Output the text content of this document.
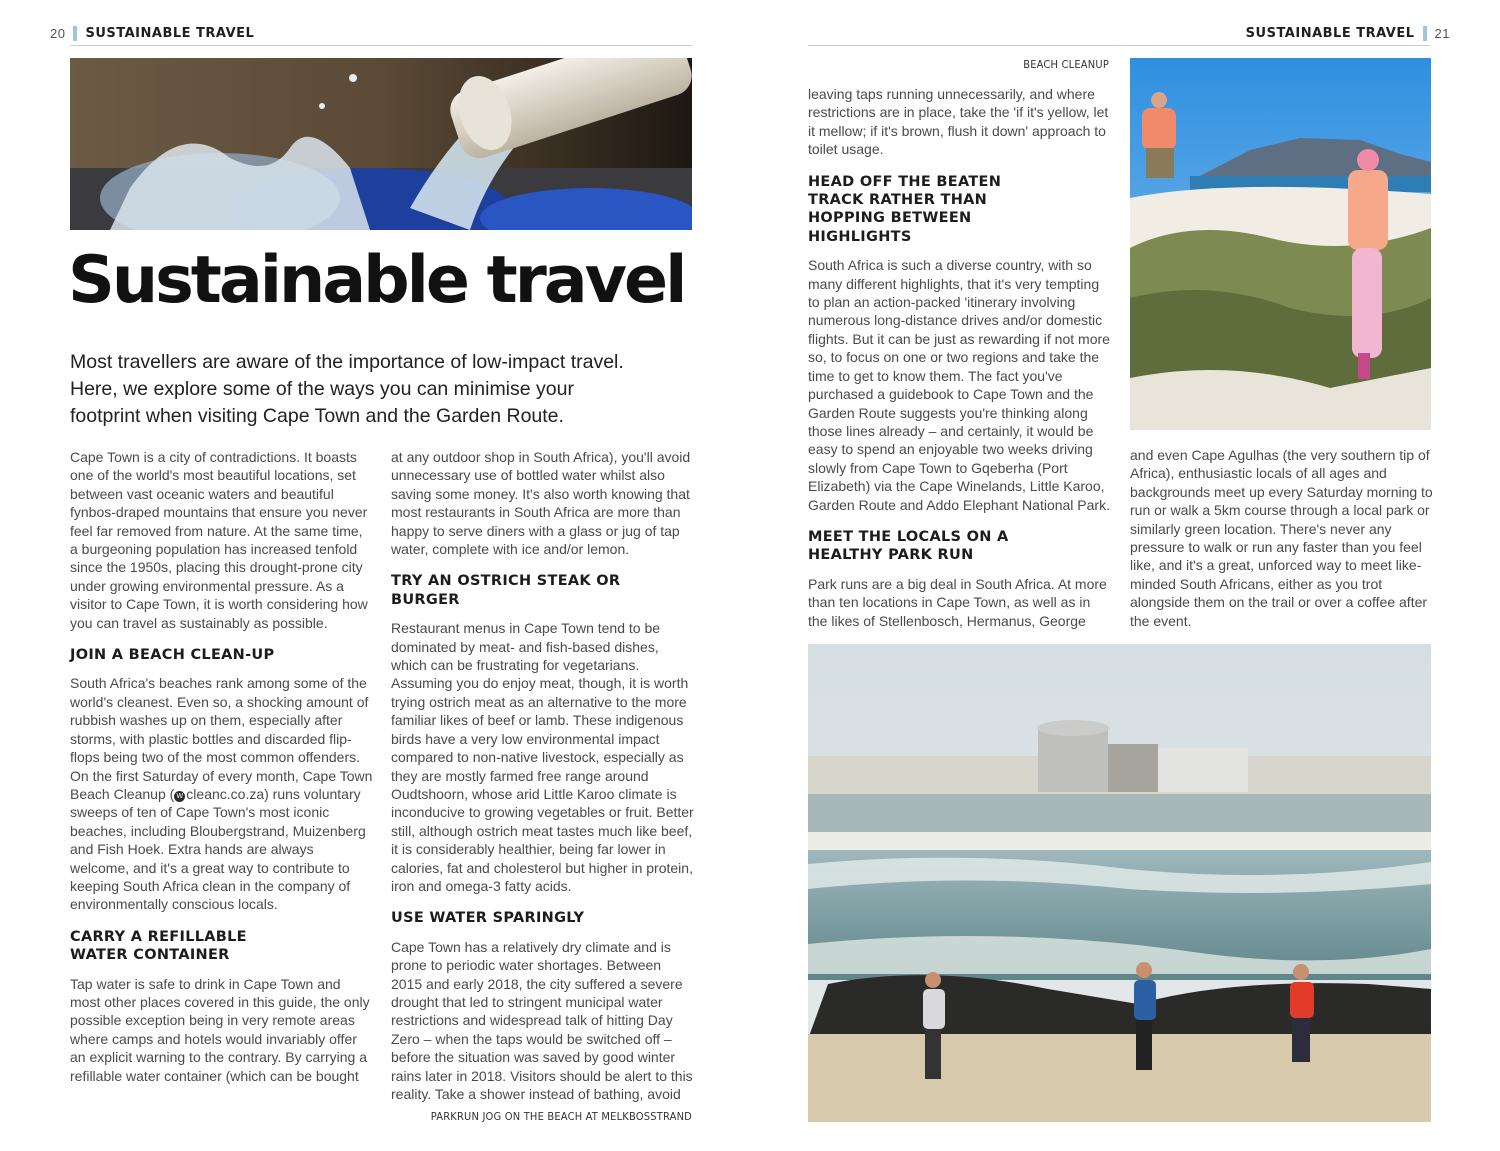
20 SUSTAINABLE TRAVEL
Sustainable travel
Most travellers are aware of the importance of low-impact travel. Here, we explore some of the ways you can minimise your footprint when visiting Cape Town and the Garden Route.

Cape Town is a city of contradictions. It boasts one of the world's most beautiful locations, set between vast oceanic waters and beautiful fynbos-draped mountains that ensure you never feel far removed from nature. At the same time, a burgeoning population has increased tenfold since the 1950s, placing this drought-prone city under growing environmental pressure. As a visitor to Cape Town, it is worth considering how you can travel as sustainably as possible.

JOIN A BEACH CLEAN-UP

South Africa's beaches rank among some of the world's cleanest. Even so, a shocking amount of rubbish washes up on them, especially after storms, with plastic bottles and discarded flip-flops being two of the most common offenders. On the first Saturday of every month, Cape Town Beach Cleanup ( W cleanc.co.za) runs voluntary sweeps of ten of Cape Town's most iconic beaches, including Bloubergstrand, Muizenberg and Fish Hoek. Extra hands are always welcome, and it's a great way to contribute to keeping South Africa clean in the company of environmentally conscious locals.

CARRY A REFILLABLE WATER CONTAINER

Tap water is safe to drink in Cape Town and most other places covered in this guide, the only possible exception being in very remote areas where camps and hotels would invariably offer an explicit warning to the contrary. By carrying a refillable water container (which can be bought

at any outdoor shop in South Africa), you'll avoid unnecessary use of bottled water whilst also saving some money. It's also worth knowing that most restaurants in South Africa are more than happy to serve diners with a glass or jug of tap water, complete with ice and/or lemon.

TRY AN OSTRICH STEAK OR BURGER

Restaurant menus in Cape Town tend to be dominated by meat- and fish-based dishes, which can be frustrating for vegetarians. Assuming you do enjoy meat, though, it is worth trying ostrich meat as an alternative to the more familiar likes of beef or lamb. These indigenous birds have a very low environmental impact compared to non-native livestock, especially as they are mostly farmed free range around Oudtshoorn, whose arid Little Karoo climate is inconducive to growing vegetables or fruit. Better still, although ostrich meat tastes much like beef, it is considerably healthier, being far lower in calories, fat and cholesterol but higher in protein, iron and omega-3 fatty acids.

USE WATER SPARINGLY

Cape Town has a relatively dry climate and is prone to periodic water shortages. Between 2015 and early 2018, the city suffered a severe drought that led to stringent municipal water restrictions and widespread talk of hitting Day Zero – when the taps would be switched off – before the situation was saved by good winter rains later in 2018. Visitors should be alert to this reality. Take a shower instead of bathing, avoid

PARKRUN JOG ON THE BEACH AT MELKBOSSTRAND
SUSTAINABLE TRAVEL 21
BEACH CLEANUP

leaving taps running unnecessarily, and where restrictions are in place, take the 'if it's yellow, let it mellow; if it's brown, flush it down' approach to toilet usage.

HEAD OFF THE BEATEN TRACK RATHER THAN HOPPING BETWEEN HIGHLIGHTS

South Africa is such a diverse country, with so many different highlights, that it's very tempting to plan an action-packed 'itinerary involving numerous long-distance drives and/or domestic flights. But it can be just as rewarding if not more so, to focus on one or two regions and take the time to get to know them. The fact you've purchased a guidebook to Cape Town and the Garden Route suggests you're thinking along those lines already – and certainly, it would be easy to spend an enjoyable two weeks driving slowly from Cape Town to Gqeberha (Port Elizabeth) via the Cape Winelands, Little Karoo, Garden Route and Addo Elephant National Park.

MEET THE LOCALS ON A HEALTHY PARK RUN

Park runs are a big deal in South Africa. At more than ten locations in Cape Town, as well as in the likes of Stellenbosch, Hermanus, George

and even Cape Agulhas (the very southern tip of Africa), enthusiastic locals of all ages and backgrounds meet up every Saturday morning to run or walk a 5km course through a local park or similarly green location. There's never any pressure to walk or run any faster than you feel like, and it's a great, unforced way to meet like-minded South Africans, either as you trot alongside them on the trail or over a coffee after the event.
